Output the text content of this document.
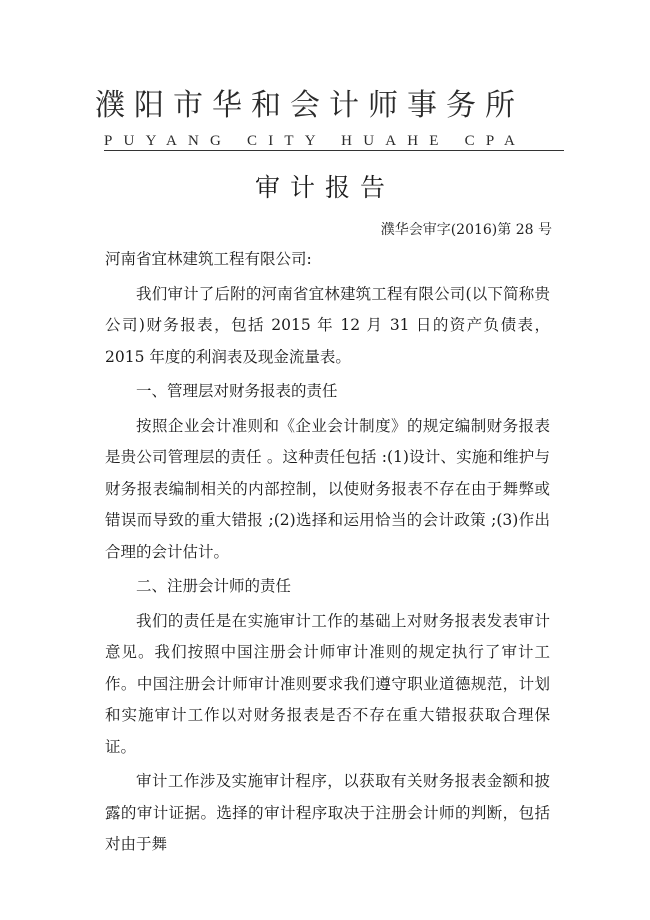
濮阳市华和会计师事务所
PUYANG CITY HUAHE CPA
审计报告
濮华会审字(2016)第 28 号

河南省宜林建筑工程有限公司:

我们审计了后附的河南省宜林建筑工程有限公司(以下简称贵公司)财务报表，包括 2015 年 12 月 31 日的资产负债表，2015 年度的利润表及现金流量表。

一、管理层对财务报表的责任

按照企业会计准则和《企业会计制度》的规定编制财务报表是贵公司管理层的责任 。这种责任包括 :(1)设计、实施和维护与财务报表编制相关的内部控制，以使财务报表不存在由于舞弊或错误而导致的重大错报 ;(2)选择和运用恰当的会计政策 ;(3)作出合理的会计估计。

二、注册会计师的责任

我们的责任是在实施审计工作的基础上对财务报表发表审计意见。我们按照中国注册会计师审计准则的规定执行了审计工作。中国注册会计师审计准则要求我们遵守职业道德规范，计划和实施审计工作以对财务报表是否不存在重大错报获取合理保证。

审计工作涉及实施审计程序，以获取有关财务报表金额和披露的审计证据。选择的审计程序取决于注册会计师的判断，包括对由于舞
